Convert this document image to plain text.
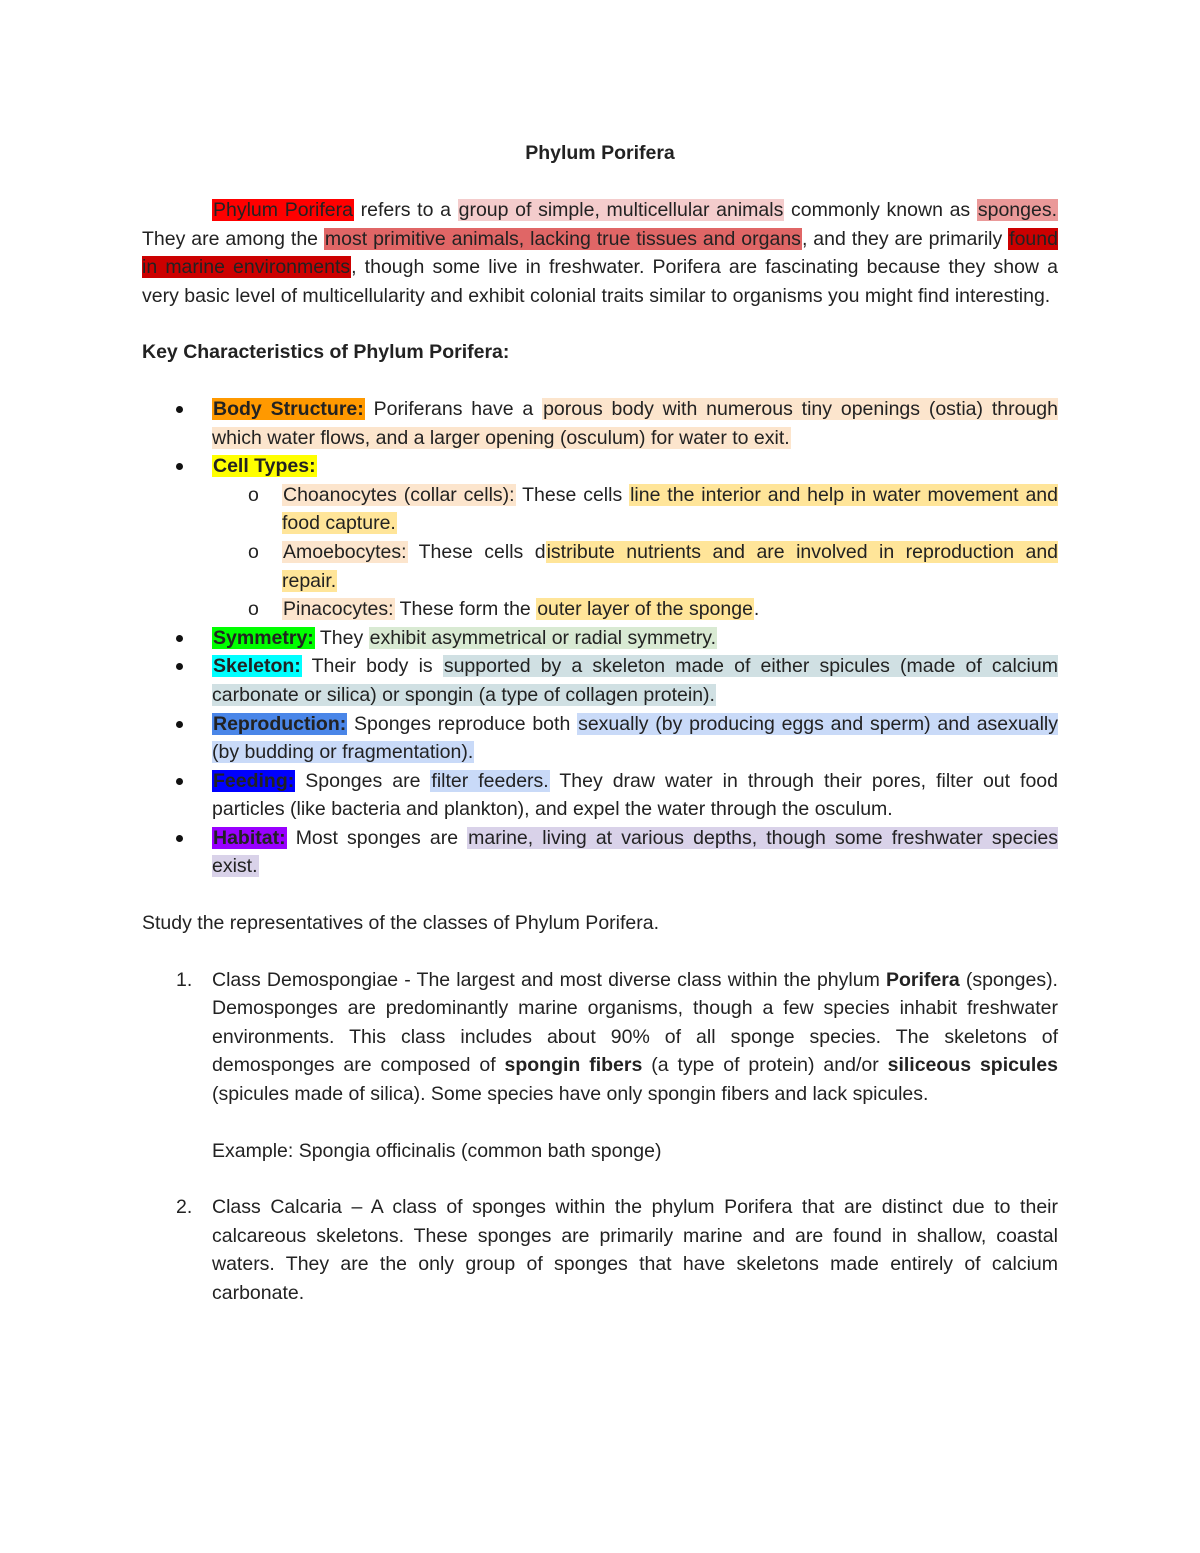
Phylum Porifera

Phylum Porifera refers to a group of simple, multicellular animals commonly known as sponges. They are among the most primitive animals, lacking true tissues and organs, and they are primarily found in marine environments, though some live in freshwater. Porifera are fascinating because they show a very basic level of multicellularity and exhibit colonial traits similar to organisms you might find interesting.

Key Characteristics of Phylum Porifera:
Body Structure: Poriferans have a porous body with numerous tiny openings (ostia) through which water flows, and a larger opening (osculum) for water to exit.
Cell Types:
o Choanocytes (collar cells): These cells line the interior and help in water movement and food capture.
o Amoebocytes: These cells distribute nutrients and are involved in reproduction and repair.
o Pinacocytes: These form the outer layer of the sponge.
Symmetry: They exhibit asymmetrical or radial symmetry.
Skeleton: Their body is supported by a skeleton made of either spicules (made of calcium carbonate or silica) or spongin (a type of collagen protein).
Reproduction: Sponges reproduce both sexually (by producing eggs and sperm) and asexually (by budding or fragmentation).
Feeding: Sponges are filter feeders. They draw water in through their pores, filter out food particles (like bacteria and plankton), and expel the water through the osculum.
Habitat: Most sponges are marine, living at various depths, though some freshwater species exist.

Study the representatives of the classes of Phylum Porifera.

1. Class Demospongiae - The largest and most diverse class within the phylum Porifera (sponges). Demosponges are predominantly marine organisms, though a few species inhabit freshwater environments. This class includes about 90% of all sponge species. The skeletons of demosponges are composed of spongin fibers (a type of protein) and/or siliceous spicules (spicules made of silica). Some species have only spongin fibers and lack spicules.
Example: Spongia officinalis (common bath sponge)
2. Class Calcaria – A class of sponges within the phylum Porifera that are distinct due to their calcareous skeletons. These sponges are primarily marine and are found in shallow, coastal waters. They are the only group of sponges that have skeletons made entirely of calcium carbonate.
